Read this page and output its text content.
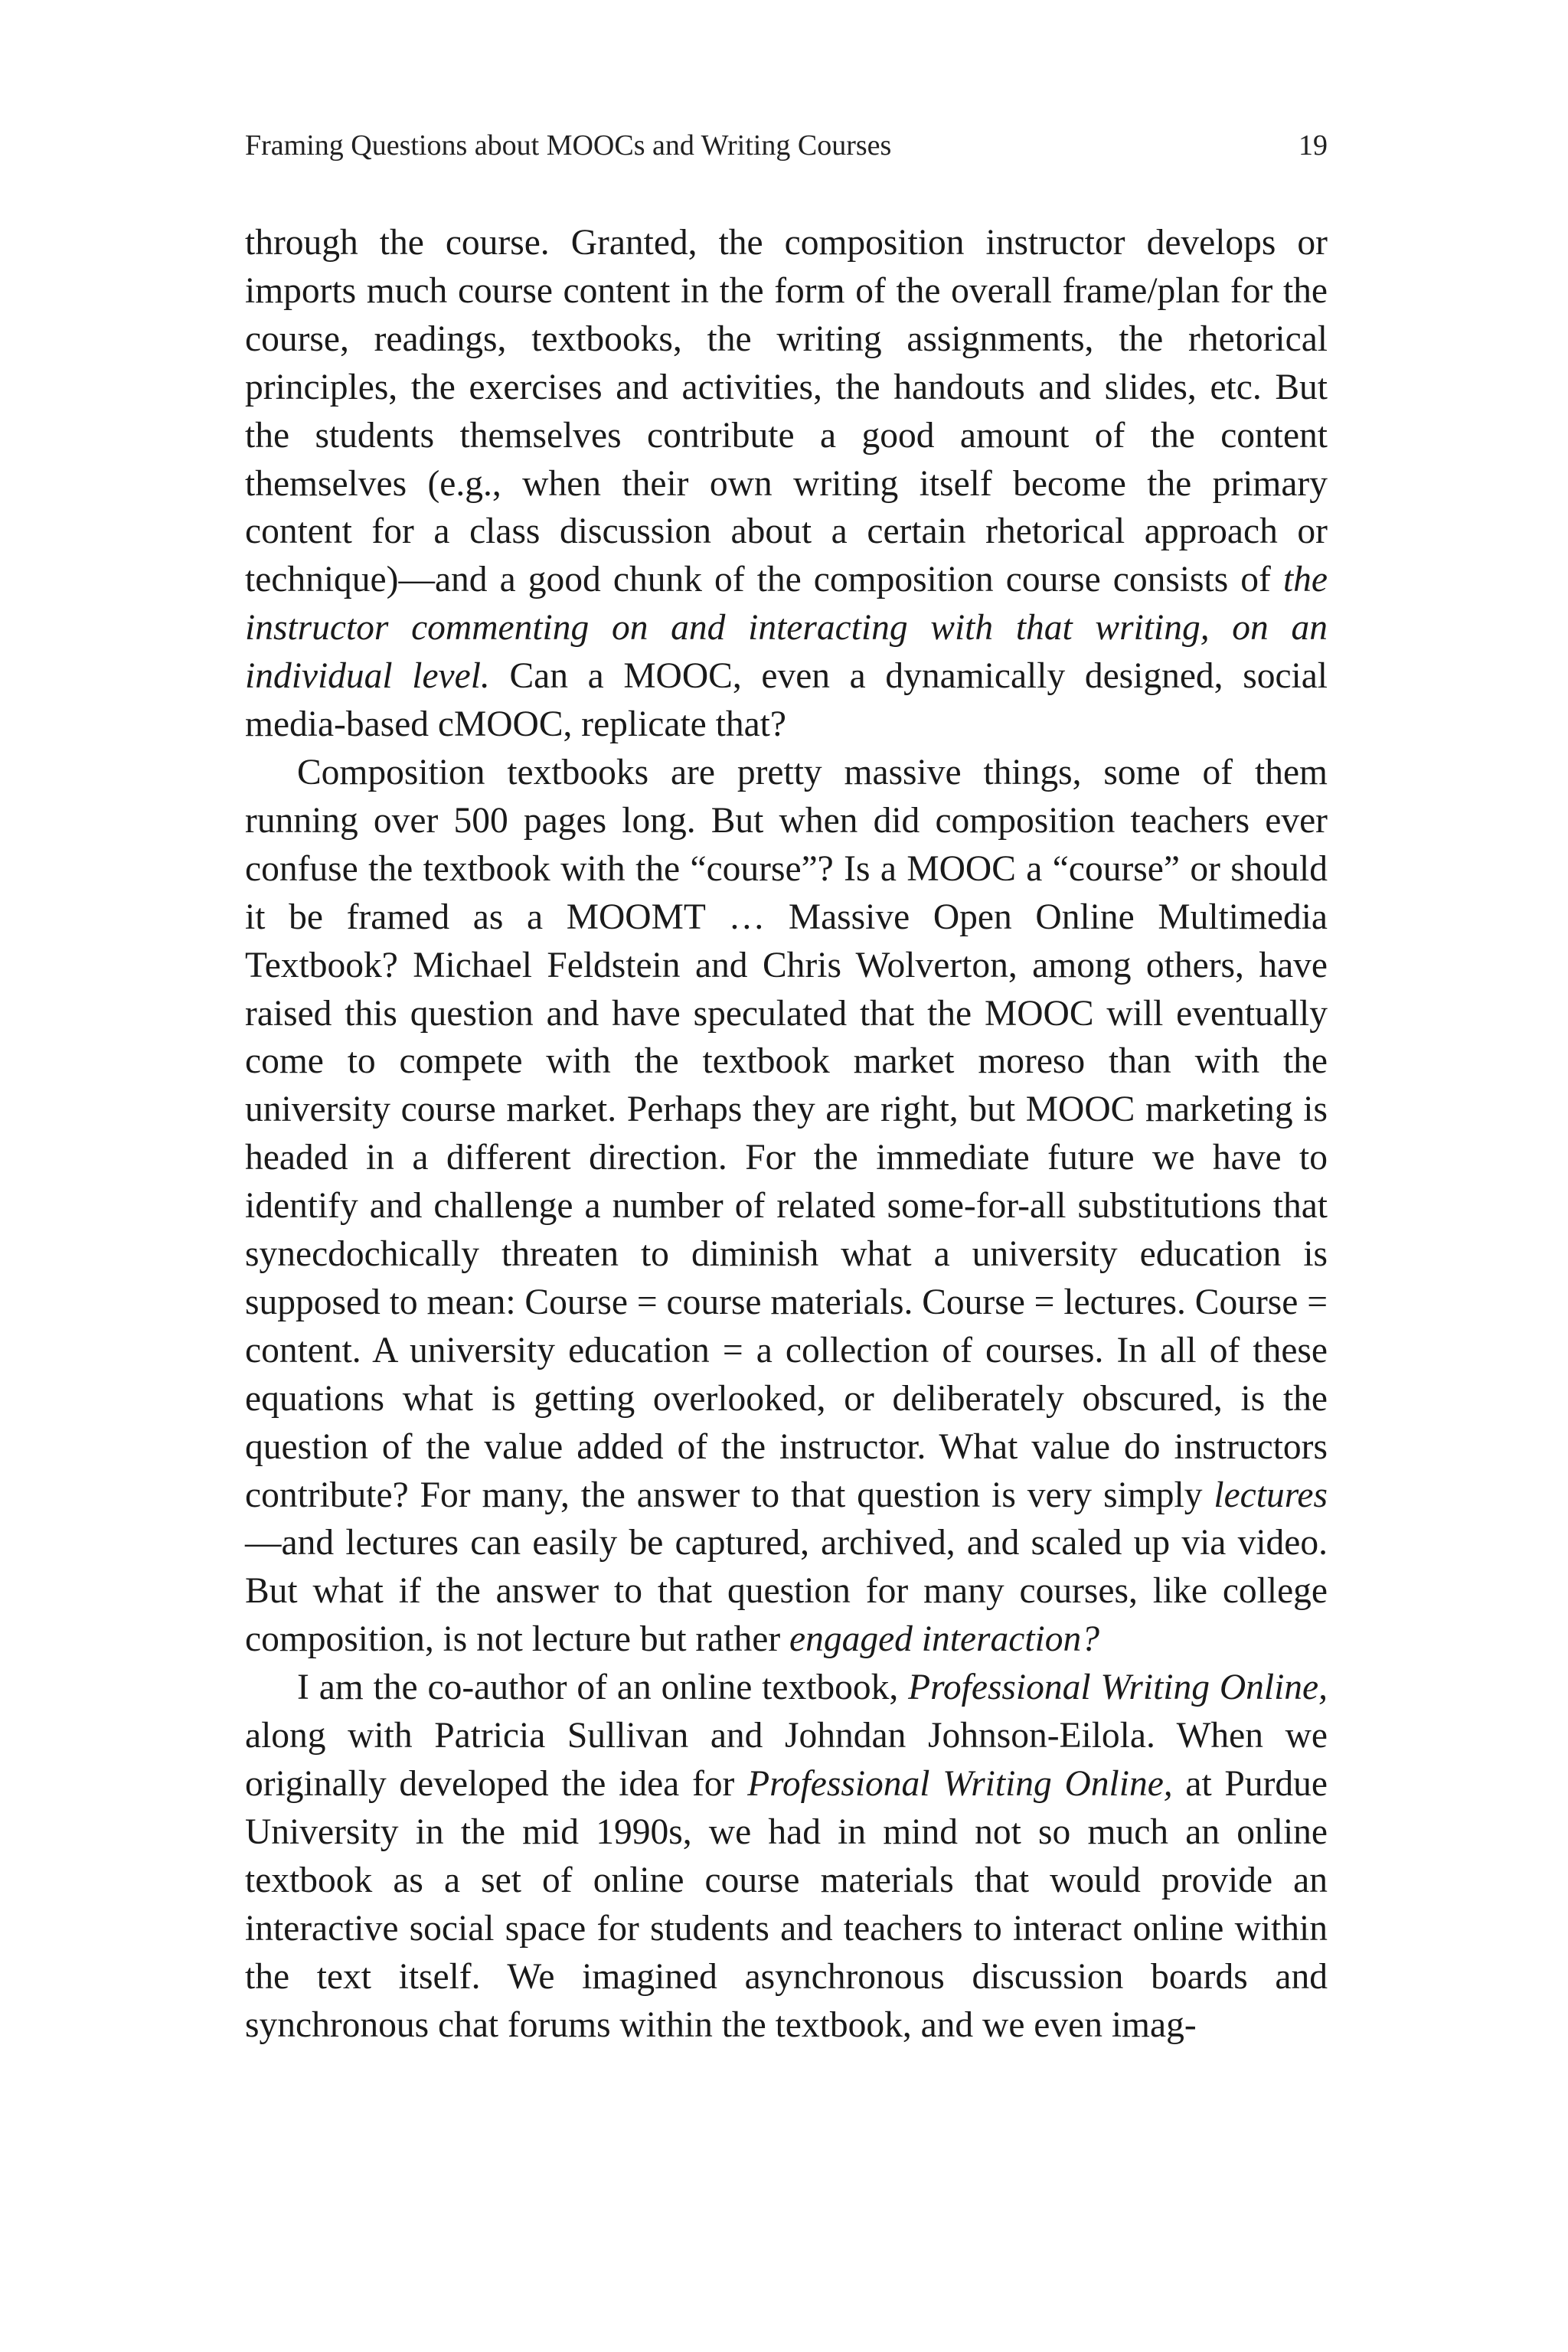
Framing Questions about MOOCs and Writing Courses	19

through the course. Granted, the composition instructor develops or imports much course content in the form of the overall frame/plan for the course, readings, textbooks, the writing assignments, the rhetorical principles, the exercises and activities, the handouts and slides, etc. But the students themselves contribute a good amount of the content themselves (e.g., when their own writing itself become the primary content for a class discussion about a certain rhetorical approach or technique)—and a good chunk of the composition course consists of the instructor commenting on and interacting with that writing, on an individual level. Can a MOOC, even a dynamically designed, social media-based cMOOC, replicate that?

Composition textbooks are pretty massive things, some of them running over 500 pages long. But when did composition teachers ever confuse the textbook with the “course”? Is a MOOC a “course” or should it be framed as a MOOMT … Massive Open Online Multimedia Textbook? Michael Feldstein and Chris Wolverton, among others, have raised this question and have speculated that the MOOC will eventually come to compete with the textbook market moreso than with the university course market. Perhaps they are right, but MOOC marketing is headed in a different direction. For the immediate future we have to identify and challenge a number of related some-for-all substitutions that synecdochically threaten to diminish what a university education is supposed to mean: Course = course materials. Course = lectures. Course = content. A university education = a collection of courses. In all of these equations what is getting overlooked, or deliberately obscured, is the question of the value added of the instructor. What value do instructors contribute? For many, the answer to that question is very simply lectures—and lectures can easily be captured, archived, and scaled up via video. But what if the answer to that question for many courses, like college composition, is not lecture but rather engaged interaction?

I am the co-author of an online textbook, Professional Writing Online, along with Patricia Sullivan and Johndan Johnson-Eilola. When we originally developed the idea for Professional Writing Online, at Purdue University in the mid 1990s, we had in mind not so much an online textbook as a set of online course materials that would provide an interactive social space for students and teachers to interact online within the text itself. We imagined asynchronous discussion boards and synchronous chat forums within the textbook, and we even imag-
